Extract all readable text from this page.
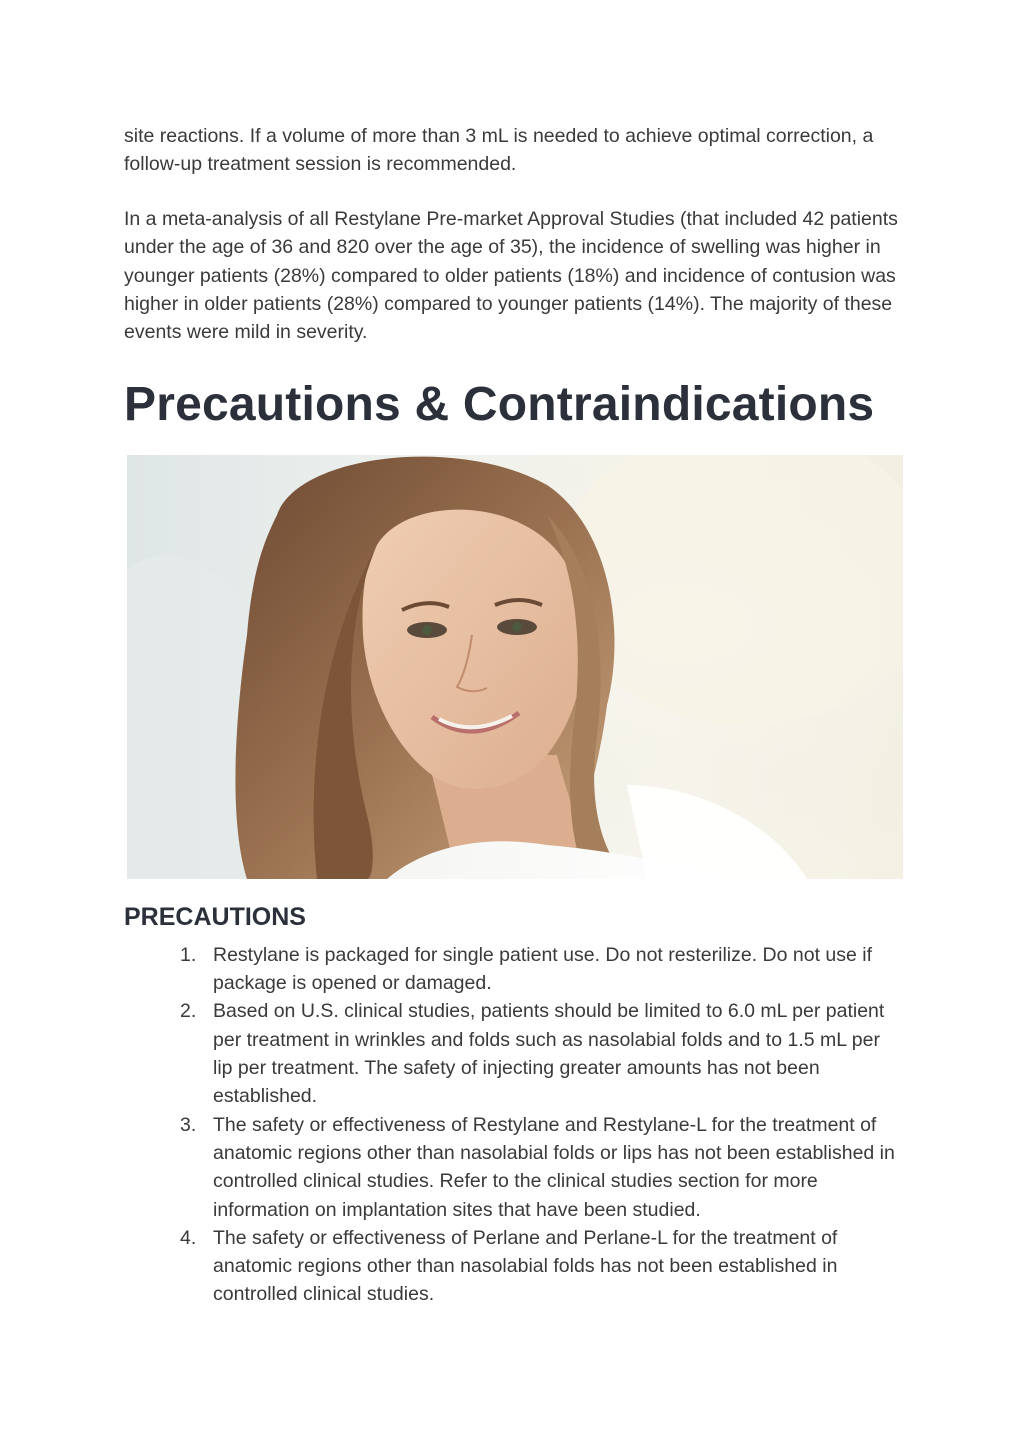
site reactions. If a volume of more than 3 mL is needed to achieve optimal correction, a follow-up treatment session is recommended.

In a meta-analysis of all Restylane Pre-market Approval Studies (that included 42 patients under the age of 36 and 820 over the age of 35), the incidence of swelling was higher in younger patients (28%) compared to older patients (18%) and incidence of contusion was higher in older patients (28%) compared to younger patients (14%). The majority of these events were mild in severity.

Precautions & Contraindications
PRECAUTIONS
1. Restylane is packaged for single patient use. Do not resterilize. Do not use if package is opened or damaged.
2. Based on U.S. clinical studies, patients should be limited to 6.0 mL per patient per treatment in wrinkles and folds such as nasolabial folds and to 1.5 mL per lip per treatment. The safety of injecting greater amounts has not been established.
3. The safety or effectiveness of Restylane and Restylane-L for the treatment of anatomic regions other than nasolabial folds or lips has not been established in controlled clinical studies. Refer to the clinical studies section for more information on implantation sites that have been studied.
4. The safety or effectiveness of Perlane and Perlane-L for the treatment of anatomic regions other than nasolabial folds has not been established in controlled clinical studies.
